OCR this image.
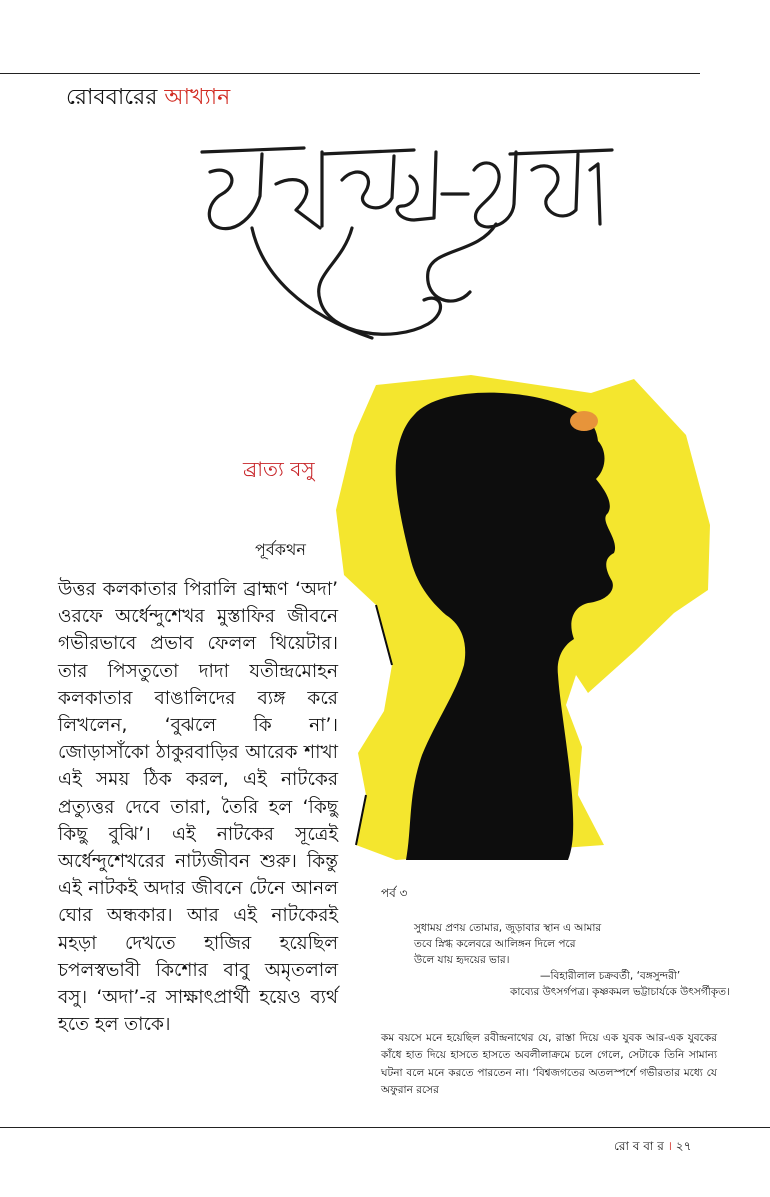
রোববারের আখ্যান
ব্রাত্য বসু
পূর্বকথন
উত্তর কলকাতার পিরালি ব্রাহ্মণ ‘অদা’ ওরফে অর্ধেন্দুশেখর মুস্তাফির জীবনে গভীরভাবে প্রভাব ফেলল থিয়েটার। তার পিসতুতো দাদা যতীন্দ্রমোহন কলকাতার বাঙালিদের ব্যঙ্গ করে লিখলেন, ‘বুঝলে কি না’। জোড়াসাঁকো ঠাকুরবাড়ির আরেক শাখা এই সময় ঠিক করল, এই নাটকের প্রত্যুত্তর দেবে তারা, তৈরি হল ‘কিছু কিছু বুঝি’। এই নাটকের সূত্রেই অর্ধেন্দুশেখরের নাট্যজীবন শুরু। কিন্তু এই নাটকই অদার জীবনে টেনে আনল ঘোর অন্ধকার। আর এই নাটকেরই মহড়া দেখতে হাজির হয়েছিল চপলস্বভাবী কিশোর বাবু অমৃতলাল বসু। ‘অদা’-র সাক্ষাৎপ্রার্থী হয়েও ব্যর্থ হতে হল তাকে।
পর্ব ৩
সুধাময় প্রণয় তোমার, জুড়াবার স্থান এ আমার
তবে স্নিগ্ধ কলেবরে আলিঙ্গন দিলে পরে
উলে যায় হৃদয়ের ভার।
—বিহারীলাল চক্রবর্তী, ‘বঙ্গসুন্দরী’
কাব্যের উৎসর্গপত্র। কৃষ্ণকমল ভট্টাচার্যকে উৎসর্গীকৃত।
কম বয়সে মনে হয়েছিল রবীন্দ্রনাথের যে, রাস্তা দিয়ে এক যুবক আর-এক যুবকের কাঁধে হাত দিয়ে হাসতে হাসতে অবলীলাক্রমে চলে গেলে, সেটাকে তিনি সামান্য ঘটনা বলে মনে করতে পারতেন না। ‘বিশ্বজগতের অতলস্পর্শে গভীরতার মধ্যে যে অফুরান রসের
রো ব বা র । ২৭
